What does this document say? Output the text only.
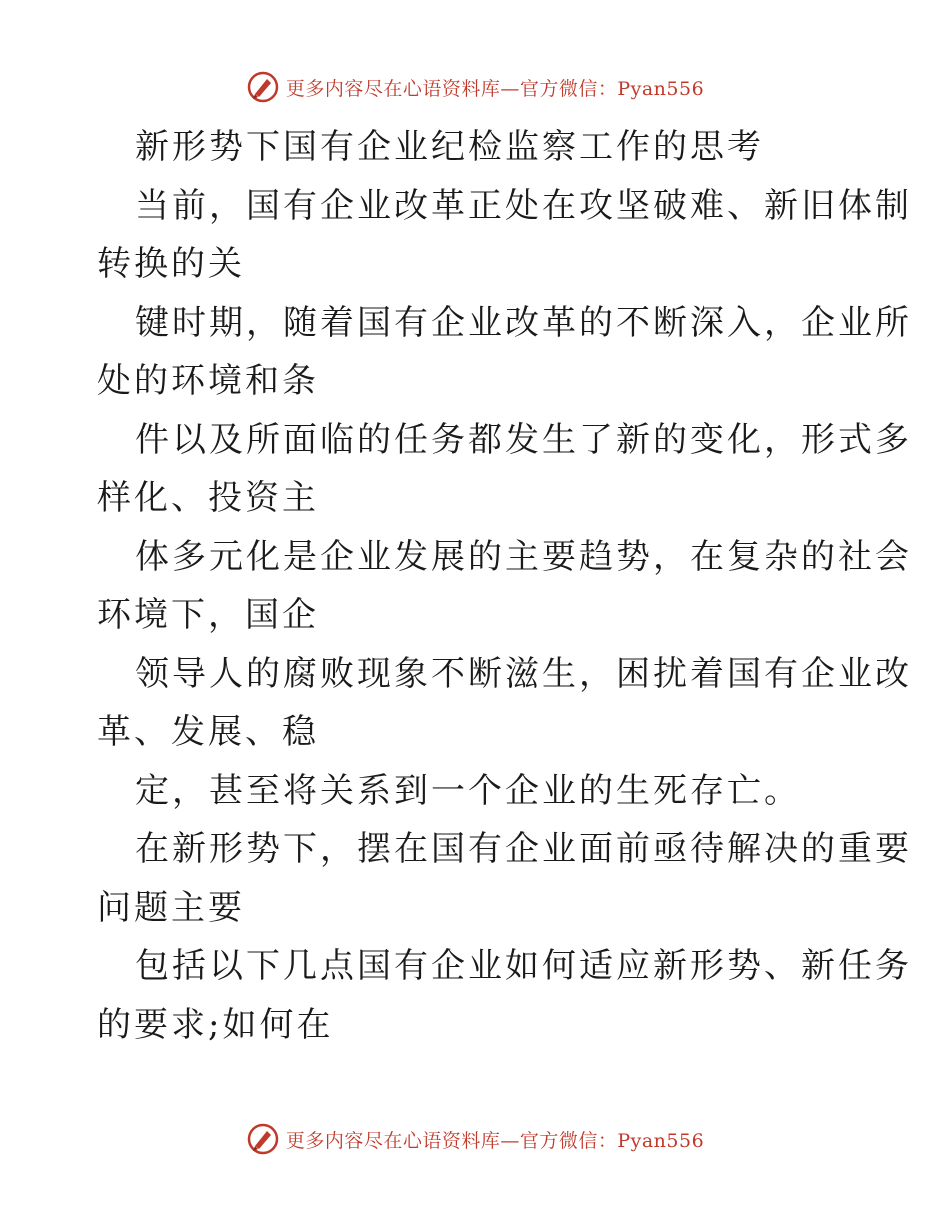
更多内容尽在心语资料库—官方微信：Pyan556
新形势下国有企业纪检监察工作的思考
当前，国有企业改革正处在攻坚破难、新旧体制
转换的关
键时期，随着国有企业改革的不断深入，企业所
处的环境和条
件以及所面临的任务都发生了新的变化，形式多
样化、投资主
体多元化是企业发展的主要趋势，在复杂的社会
环境下，国企
领导人的腐败现象不断滋生，困扰着国有企业改
革、发展、稳
定，甚至将关系到一个企业的生死存亡。
在新形势下，摆在国有企业面前亟待解决的重要
问题主要
包括以下几点国有企业如何适应新形势、新任务
的要求;如何在
更多内容尽在心语资料库—官方微信：Pyan556
